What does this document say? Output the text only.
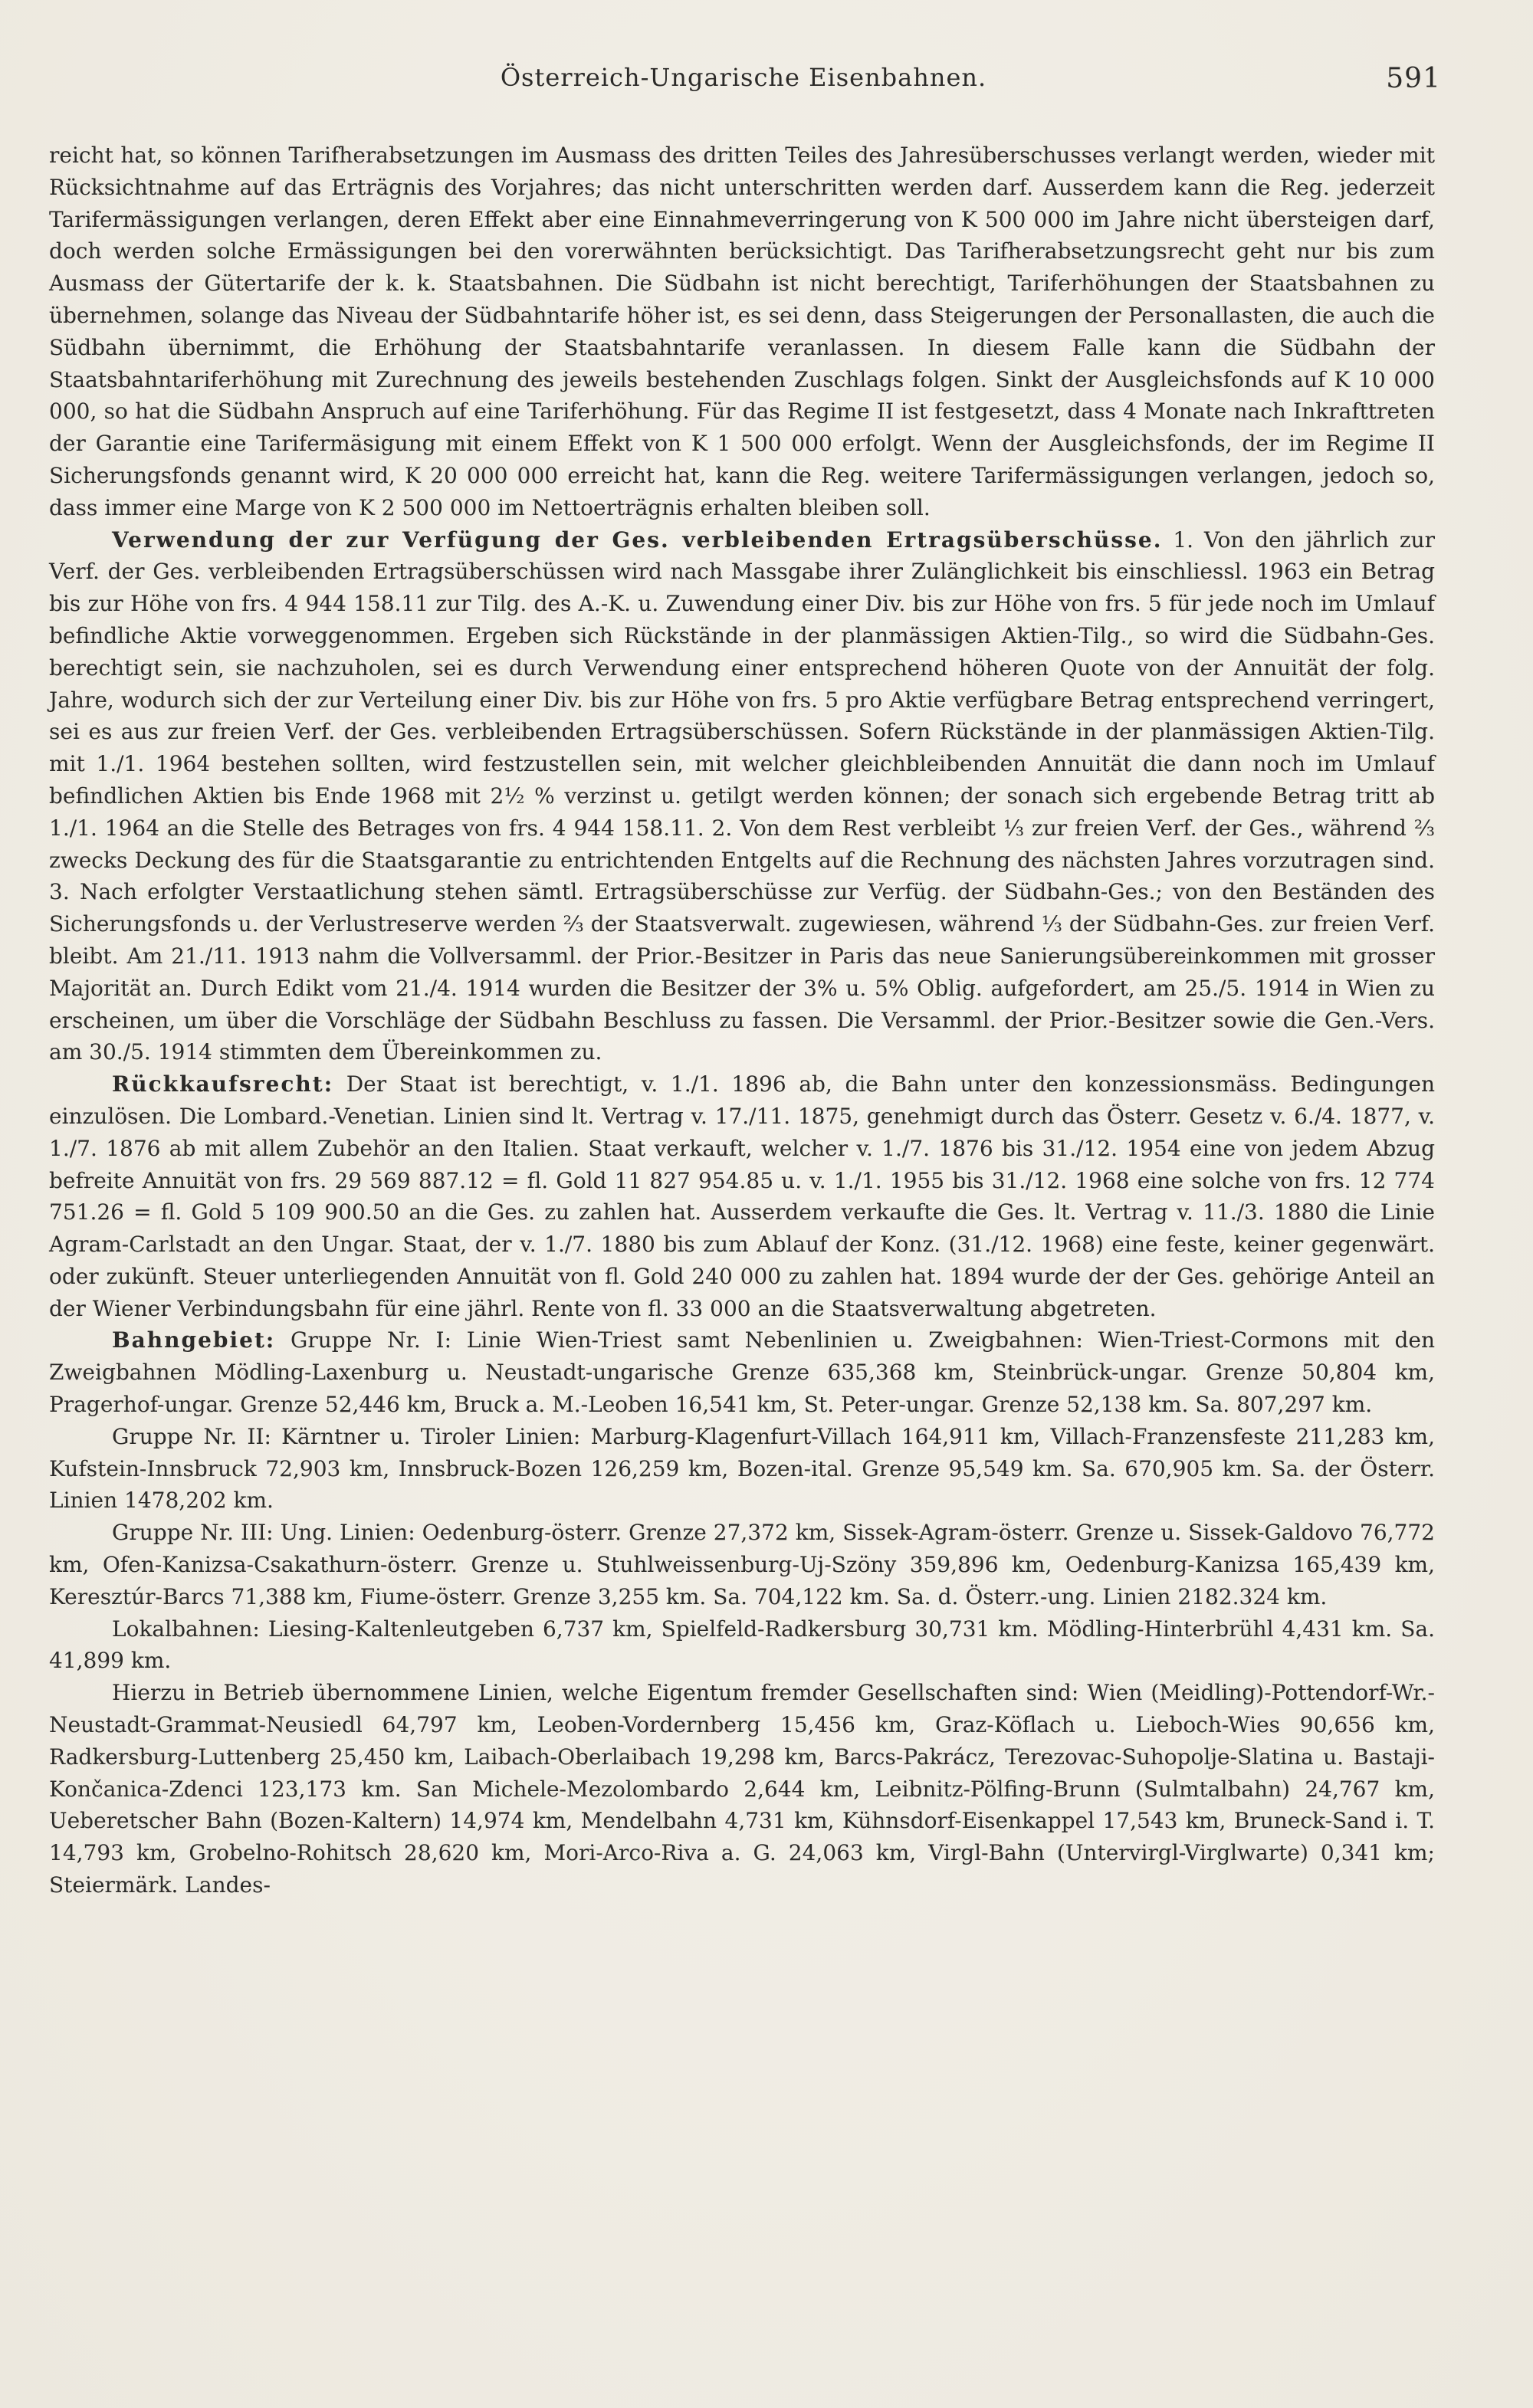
Österreich-Ungarische Eisenbahnen.	591

reicht hat, so können Tarifherabsetzungen im Ausmass des dritten Teiles des Jahresüberschusses verlangt werden, wieder mit Rücksichtnahme auf das Erträgnis des Vorjahres; das nicht unterschritten werden darf. Ausserdem kann die Reg. jederzeit Tarifermässigungen verlangen, deren Effekt aber eine Einnahmeverringerung von K 500 000 im Jahre nicht übersteigen darf, doch werden solche Ermässigungen bei den vorerwähnten berücksichtigt. Das Tarifherabsetzungsrecht geht nur bis zum Ausmass der Gütertarife der k. k. Staatsbahnen. Die Südbahn ist nicht berechtigt, Tariferhöhungen der Staatsbahnen zu übernehmen, solange das Niveau der Südbahntarife höher ist, es sei denn, dass Steigerungen der Personallasten, die auch die Südbahn übernimmt, die Erhöhung der Staatsbahntarife veranlassen. In diesem Falle kann die Südbahn der Staatsbahntariferhöhung mit Zurechnung des jeweils bestehenden Zuschlags folgen. Sinkt der Ausgleichsfonds auf K 10 000 000, so hat die Südbahn Anspruch auf eine Tariferhöhung. Für das Regime II ist festgesetzt, dass 4 Monate nach Inkrafttreten der Garantie eine Tarifermäsigung mit einem Effekt von K 1 500 000 erfolgt. Wenn der Ausgleichsfonds, der im Regime II Sicherungsfonds genannt wird, K 20 000 000 erreicht hat, kann die Reg. weitere Tarifermässigungen verlangen, jedoch so, dass immer eine Marge von K 2 500 000 im Nettoerträgnis erhalten bleiben soll.

Verwendung der zur Verfügung der Ges. verbleibenden Ertragsüberschüsse. 1. Von den jährlich zur Verf. der Ges. verbleibenden Ertragsüberschüssen wird nach Massgabe ihrer Zulänglichkeit bis einschliessl. 1963 ein Betrag bis zur Höhe von frs. 4 944 158.11 zur Tilg. des A.-K. u. Zuwendung einer Div. bis zur Höhe von frs. 5 für jede noch im Umlauf befindliche Aktie vorweggenommen. Ergeben sich Rückstände in der planmässigen Aktien-Tilg., so wird die Südbahn-Ges. berechtigt sein, sie nachzuholen, sei es durch Verwendung einer entsprechend höheren Quote von der Annuität der folg. Jahre, wodurch sich der zur Verteilung einer Div. bis zur Höhe von frs. 5 pro Aktie verfügbare Betrag entsprechend verringert, sei es aus zur freien Verf. der Ges. verbleibenden Ertragsüberschüssen. Sofern Rückstände in der planmässigen Aktien-Tilg. mit 1./1. 1964 bestehen sollten, wird festzustellen sein, mit welcher gleichbleibenden Annuität die dann noch im Umlauf befindlichen Aktien bis Ende 1968 mit 2½ % verzinst u. getilgt werden können; der sonach sich ergebende Betrag tritt ab 1./1. 1964 an die Stelle des Betrages von frs. 4 944 158.11. 2. Von dem Rest verbleibt ⅓ zur freien Verf. der Ges., während ⅔ zwecks Deckung des für die Staatsgarantie zu entrichtenden Entgelts auf die Rechnung des nächsten Jahres vorzutragen sind. 3. Nach erfolgter Verstaatlichung stehen sämtl. Ertragsüberschüsse zur Verfüg. der Südbahn-Ges.; von den Beständen des Sicherungsfonds u. der Verlustreserve werden ⅔ der Staatsverwalt. zugewiesen, während ⅓ der Südbahn-Ges. zur freien Verf. bleibt. Am 21./11. 1913 nahm die Vollversamml. der Prior.-Besitzer in Paris das neue Sanierungsübereinkommen mit grosser Majorität an. Durch Edikt vom 21./4. 1914 wurden die Besitzer der 3% u. 5% Oblig. aufgefordert, am 25./5. 1914 in Wien zu erscheinen, um über die Vorschläge der Südbahn Beschluss zu fassen. Die Versamml. der Prior.-Besitzer sowie die Gen.-Vers. am 30./5. 1914 stimmten dem Übereinkommen zu.

Rückkaufsrecht: Der Staat ist berechtigt, v. 1./1. 1896 ab, die Bahn unter den konzessionsmäss. Bedingungen einzulösen. Die Lombard.-Venetian. Linien sind lt. Vertrag v. 17./11. 1875, genehmigt durch das Österr. Gesetz v. 6./4. 1877, v. 1./7. 1876 ab mit allem Zubehör an den Italien. Staat verkauft, welcher v. 1./7. 1876 bis 31./12. 1954 eine von jedem Abzug befreite Annuität von frs. 29 569 887.12 = fl. Gold 11 827 954.85 u. v. 1./1. 1955 bis 31./12. 1968 eine solche von frs. 12 774 751.26 = fl. Gold 5 109 900.50 an die Ges. zu zahlen hat. Ausserdem verkaufte die Ges. lt. Vertrag v. 11./3. 1880 die Linie Agram-Carlstadt an den Ungar. Staat, der v. 1./7. 1880 bis zum Ablauf der Konz. (31./12. 1968) eine feste, keiner gegenwärt. oder zukünft. Steuer unterliegenden Annuität von fl. Gold 240 000 zu zahlen hat. 1894 wurde der der Ges. gehörige Anteil an der Wiener Verbindungsbahn für eine jährl. Rente von fl. 33 000 an die Staatsverwaltung abgetreten.

Bahngebiet: Gruppe Nr. I: Linie Wien-Triest samt Nebenlinien u. Zweigbahnen: Wien-Triest-Cormons mit den Zweigbahnen Mödling-Laxenburg u. Neustadt-ungarische Grenze 635,368 km, Steinbrück-ungar. Grenze 50,804 km, Pragerhof-ungar. Grenze 52,446 km, Bruck a. M.-Leoben 16,541 km, St. Peter-ungar. Grenze 52,138 km. Sa. 807,297 km.

Gruppe Nr. II: Kärntner u. Tiroler Linien: Marburg-Klagenfurt-Villach 164,911 km, Villach-Franzensfeste 211,283 km, Kufstein-Innsbruck 72,903 km, Innsbruck-Bozen 126,259 km, Bozen-ital. Grenze 95,549 km. Sa. 670,905 km. Sa. der Österr. Linien 1478,202 km.

Gruppe Nr. III: Ung. Linien: Oedenburg-österr. Grenze 27,372 km, Sissek-Agram-österr. Grenze u. Sissek-Galdovo 76,772 km, Ofen-Kanizsa-Csakathurn-österr. Grenze u. Stuhlweissenburg-Uj-Szöny 359,896 km, Oedenburg-Kanizsa 165,439 km, Keresztúr-Barcs 71,388 km, Fiume-österr. Grenze 3,255 km. Sa. 704,122 km. Sa. d. Österr.-ung. Linien 2182.324 km.

Lokalbahnen: Liesing-Kaltenleutgeben 6,737 km, Spielfeld-Radkersburg 30,731 km. Mödling-Hinterbrühl 4,431 km. Sa. 41,899 km.

Hierzu in Betrieb übernommene Linien, welche Eigentum fremder Gesellschaften sind: Wien (Meidling)-Pottendorf-Wr.-Neustadt-Grammat-Neusiedl 64,797 km, Leoben-Vordernberg 15,456 km, Graz-Köflach u. Lieboch-Wies 90,656 km, Radkersburg-Luttenberg 25,450 km, Laibach-Oberlaibach 19,298 km, Barcs-Pakrácz, Terezovac-Suhopolje-Slatina u. Bastaji-Končanica-Zdenci 123,173 km. San Michele-Mezolombardo 2,644 km, Leibnitz-Pölfing-Brunn (Sulmtalbahn) 24,767 km, Ueberetscher Bahn (Bozen-Kaltern) 14,974 km, Mendelbahn 4,731 km, Kühnsdorf-Eisenkappel 17,543 km, Bruneck-Sand i. T. 14,793 km, Grobelno-Rohitsch 28,620 km, Mori-Arco-Riva a. G. 24,063 km, Virgl-Bahn (Untervirgl-Virglwarte) 0,341 km; Steiermärk. Landes-
